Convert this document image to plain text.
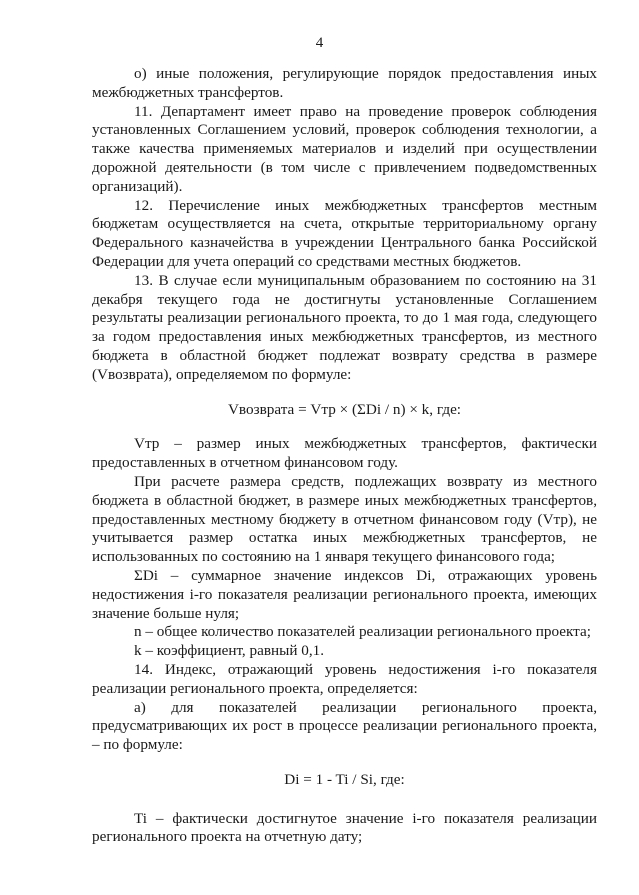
4

о) иные положения, регулирующие порядок предоставления иных межбюджетных трансфертов.

11. Департамент имеет право на проведение проверок соблюдения установленных Соглашением условий, проверок соблюдения технологии, а также качества применяемых материалов и изделий при осуществлении дорожной деятельности (в том числе с привлечением подведомственных организаций).

12. Перечисление иных межбюджетных трансфертов местным бюджетам осуществляется на счета, открытые территориальному органу Федерального казначейства в учреждении Центрального банка Российской Федерации для учета операций со средствами местных бюджетов.

13. В случае если муниципальным образованием по состоянию на 31 декабря текущего года не достигнуты установленные Соглашением результаты реализации регионального проекта, то до 1 мая года, следующего за годом предоставления иных межбюджетных трансфертов, из местного бюджета в областной бюджет подлежат возврату средства в размере (Vвозврата), определяемом по формуле:

Vвозврата = Vтр × (ΣDi / n) × k, где:

Vтр – размер иных межбюджетных трансфертов, фактически предоставленных в отчетном финансовом году.

При расчете размера средств, подлежащих возврату из местного бюджета в областной бюджет, в размере иных межбюджетных трансфертов, предоставленных местному бюджету в отчетном финансовом году (Vтр), не учитывается размер остатка иных межбюджетных трансфертов, не использованных по состоянию на 1 января текущего финансового года;

ΣDi – суммарное значение индексов Di, отражающих уровень недостижения i-го показателя реализации регионального проекта, имеющих значение больше нуля;

n – общее количество показателей реализации регионального проекта;

k – коэффициент, равный 0,1.

14. Индекс, отражающий уровень недостижения i-го показателя реализации регионального проекта, определяется:

а) для показателей реализации регионального проекта, предусматривающих их рост в процессе реализации регионального проекта, – по формуле:

Di = 1 - Ti / Si, где:

Ti – фактически достигнутое значение i-го показателя реализации регионального проекта на отчетную дату;
